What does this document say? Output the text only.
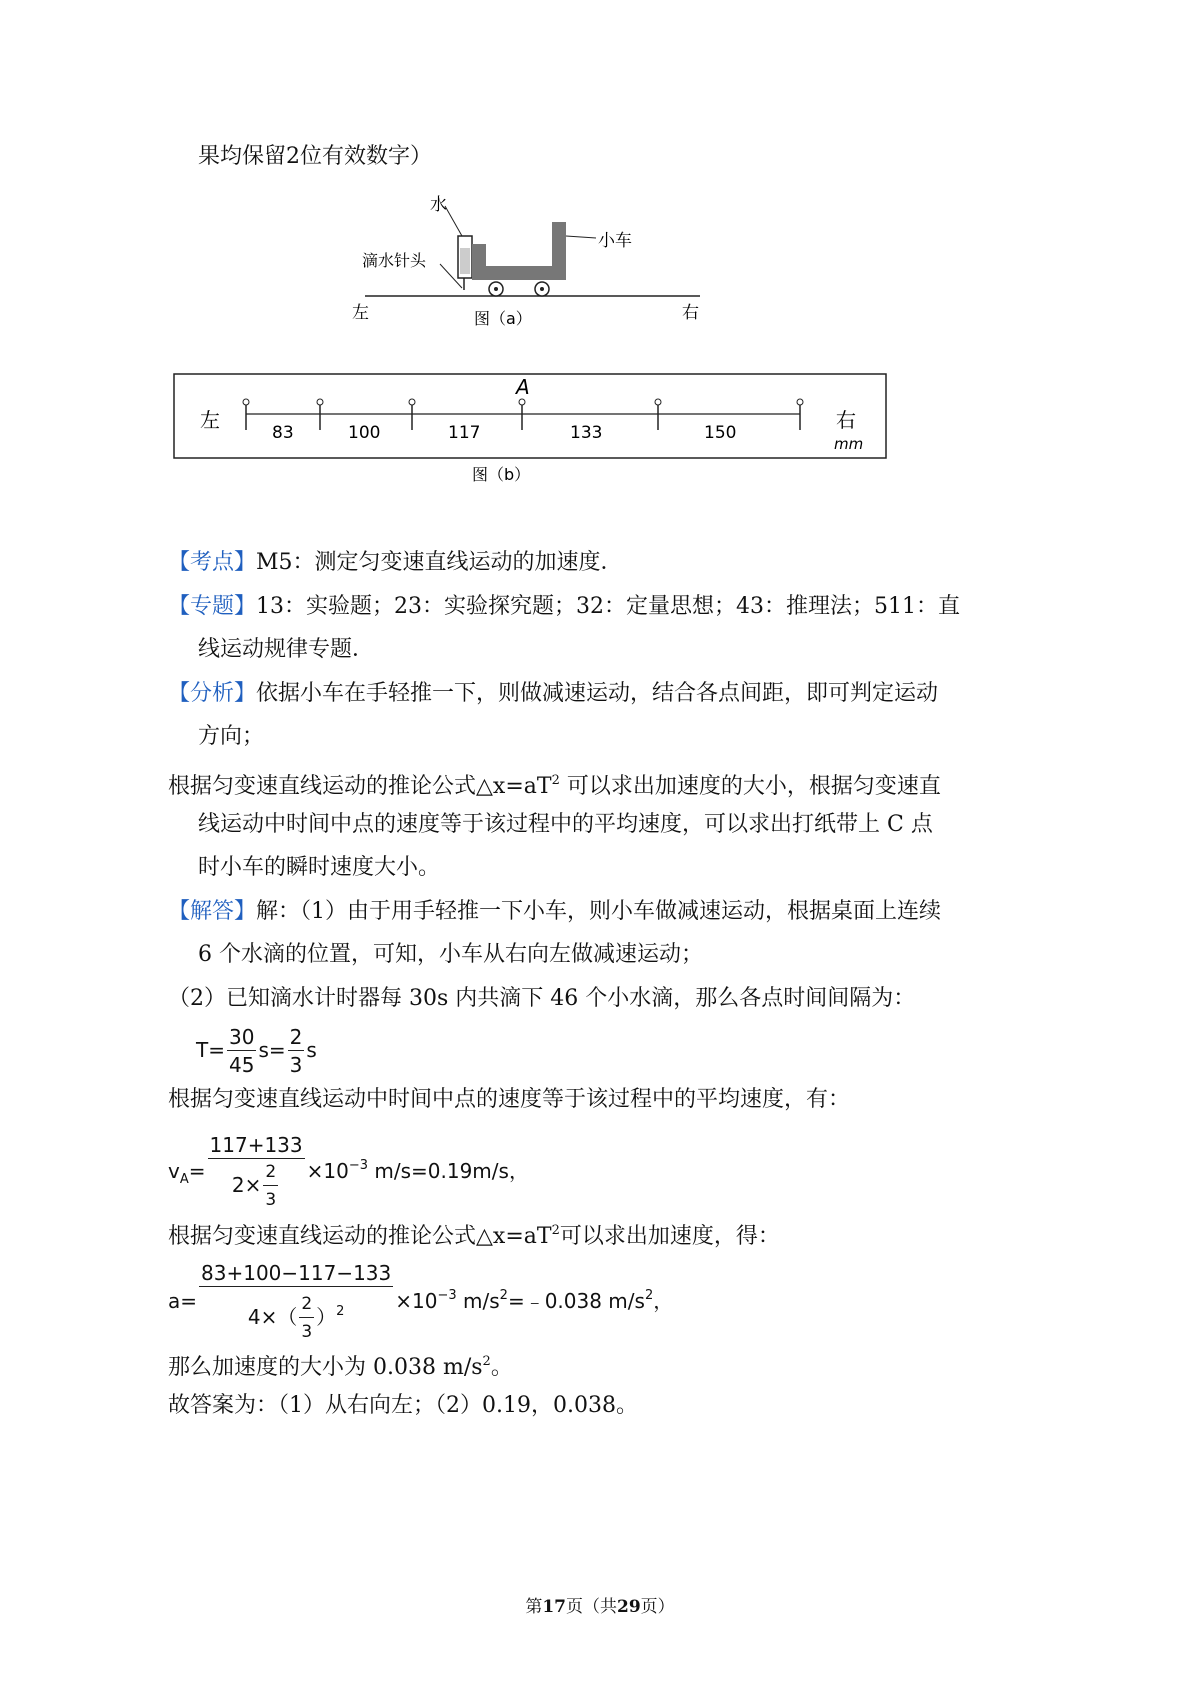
果均保留2位有效数字）
水
小车
滴水针头
左	右
图（a）
左	右
mm
A
83	100	117	133	150
图（b）
【考点】M5：测定匀变速直线运动的加速度．
【专题】13：实验题；23：实验探究题；32：定量思想；43：推理法；511：直
线运动规律专题．
【分析】依据小车在手轻推一下，则做减速运动，结合各点间距，即可判定运动
方向；
根据匀变速直线运动的推论公式$\triangle x=aT^2$ 可以求出加速度的大小，根据匀变速直
线运动中时间中点的速度等于该过程中的平均速度，可以求出打纸带上 C 点
时小车的瞬时速度大小。
【解答】解：（1）由于用手轻推一下小车，则小车做减速运动，根据桌面上连续
6 个水滴的位置，可知，小车从右向左做减速运动；
（2）已知滴水计时器每 30s 内共滴下 46 个小水滴，那么各点时间间隔为：
$T= \frac{30}{45} s= \frac{2}{3}$ s
根据匀变速直线运动中时间中点的速度等于该过程中的平均速度，有：
$v_A= \frac{117+133}{2\times \frac{2}{3}} \times 10^{-3}$ m/s=0.19m/s，
根据匀变速直线运动的推论公式$\triangle x=aT^2$可以求出加速度，得：
$a= \frac{83+100-117-133}{4\times( \frac{2}{3} )^2} \times 10^{-3}$ $m/s^2=﹣0.038$ $m/s^2$，
那么加速度的大小为 0.038 $m/s^2$。
故答案为：（1）从右向左；（2）0.19，0.038。
第17页（共29页）
